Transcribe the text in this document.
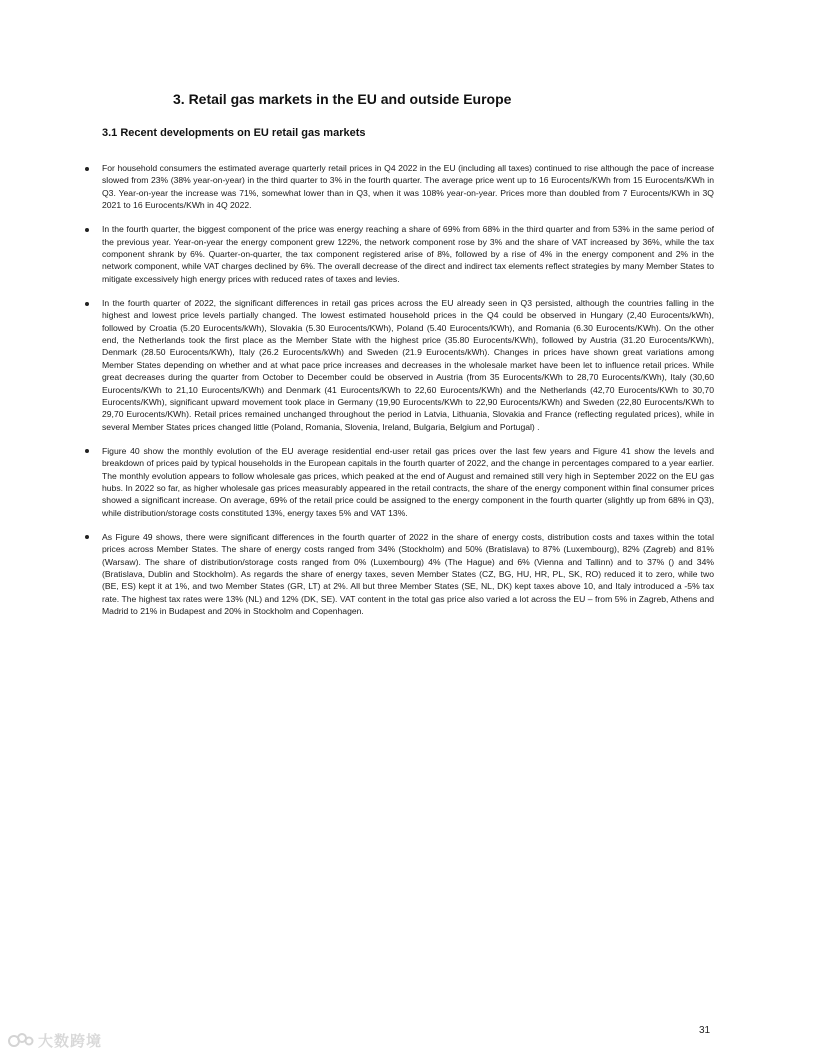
3. Retail gas markets in the EU and outside Europe
3.1 Recent developments on EU retail gas markets
For household consumers the estimated average quarterly retail prices in Q4 2022 in the EU (including all taxes) continued to rise although the pace of increase slowed from 23% (38% year-on-year) in the third quarter to 3% in the fourth quarter. The average price went up to 16 Eurocents/KWh from 15 Eurocents/KWh in Q3. Year-on-year the increase was 71%, somewhat lower than in Q3, when it was 108% year-on-year. Prices more than doubled from 7 Eurocents/KWh in 3Q 2021 to 16 Eurocents/KWh in 4Q 2022.
In the fourth quarter, the biggest component of the price was energy reaching a share of 69% from 68% in the third quarter and from 53% in the same period of the previous year. Year-on-year the energy component grew 122%, the network component rose by 3% and the share of VAT increased by 36%, while the tax component shrank by 6%. Quarter-on-quarter, the tax component registered arise of 8%, followed by a rise of 4% in the energy component and 2% in the network component, while VAT charges declined by 6%. The overall decrease of the direct and indirect tax elements reflect strategies by many Member States to mitigate excessively high energy prices with reduced rates of taxes and levies.
In the fourth quarter of 2022, the significant differences in retail gas prices across the EU already seen in Q3 persisted, although the countries falling in the highest and lowest price levels partially changed. The lowest estimated household prices in the Q4 could be observed in Hungary (2,40 Eurocents/kWh), followed by Croatia (5.20 Eurocents/kWh), Slovakia (5.30 Eurocents/KWh), Poland (5.40 Eurocents/KWh), and Romania (6.30 Eurocents/KWh). On the other end, the Netherlands took the first place as the Member State with the highest price (35.80 Eurocents/KWh), followed by Austria (31.20 Eurocents/KWh), Denmark (28.50 Eurocents/KWh), Italy (26.2 Eurocents/kWh) and Sweden (21.9 Eurocents/kWh). Changes in prices have shown great variations among Member States depending on whether and at what pace price increases and decreases in the wholesale market have been let to influence retail prices. While great decreases during the quarter from October to December could be observed in Austria (from 35 Eurocents/KWh to 28,70 Eurocents/KWh), Italy (30,60 Eurocents/KWh to 21,10 Eurocents/KWh) and Denmark (41 Eurocents/KWh to 22,60 Eurocents/KWh) and the Netherlands (42,70 Eurocents/KWh to 30,70 Eurocents/KWh), significant upward movement took place in Germany (19,90 Eurocents/KWh to 22,90 Eurocents/KWh) and Sweden (22,80 Eurocents/KWh to 29,70 Eurocents/KWh). Retail prices remained unchanged throughout the period in Latvia, Lithuania, Slovakia and France (reflecting regulated prices), while in several Member States prices changed little (Poland, Romania, Slovenia, Ireland, Bulgaria, Belgium and Portugal) .
Figure 40 show the monthly evolution of the EU average residential end-user retail gas prices over the last few years and Figure 41 show the levels and breakdown of prices paid by typical households in the European capitals in the fourth quarter of 2022, and the change in percentages compared to a year earlier. The monthly evolution appears to follow wholesale gas prices, which peaked at the end of August and remained still very high in September 2022 on the EU gas hubs. In 2022 so far, as higher wholesale gas prices measurably appeared in the retail contracts, the share of the energy component within final consumer prices showed a significant increase. On average, 69% of the retail price could be assigned to the energy component in the fourth quarter (slightly up from 68% in Q3), while distribution/storage costs constituted 13%, energy taxes 5% and VAT 13%.
As Figure 49 shows, there were significant differences in the fourth quarter of 2022 in the share of energy costs, distribution costs and taxes within the total prices across Member States. The share of energy costs ranged from 34% (Stockholm) and 50% (Bratislava) to 87% (Luxembourg), 82% (Zagreb) and 81% (Warsaw). The share of distribution/storage costs ranged from 0% (Luxembourg) 4% (The Hague) and 6% (Vienna and Tallinn) and to 37% () and 34% (Bratislava, Dublin and Stockholm). As regards the share of energy taxes, seven Member States (CZ, BG, HU, HR, PL, SK, RO) reduced it to zero, while two (BE, ES) kept it at 1%, and two Member States (GR, LT) at 2%. All but three Member States (SE, NL, DK) kept taxes above 10, and Italy introduced a -5% tax rate. The highest tax rates were 13% (NL) and 12% (DK, SE). VAT content in the total gas price also varied a lot across the EU – from 5% in Zagreb, Athens and Madrid to 21% in Budapest and 20% in Stockholm and Copenhagen.
31
大数跨境
